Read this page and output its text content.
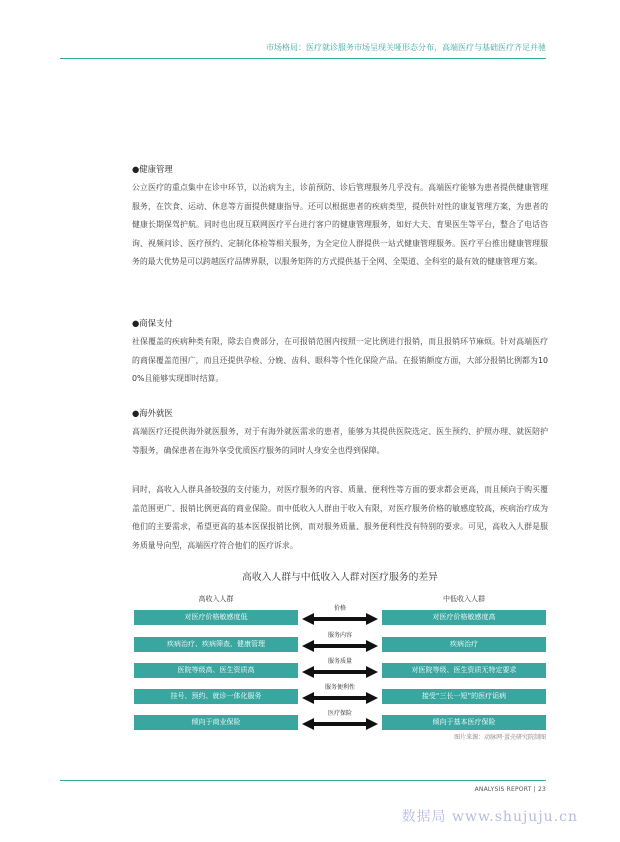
市场格局：医疗就诊服务市场呈现关哑形态分布，高端医疗与基础医疗齐足并驰

●健康管理

公立医疗的重点集中在诊中环节，以治病为主，诊前预防、诊后管理服务几乎没有。高端医疗能够为患者提供健康管理服务，在饮食、运动、休息等方面提供健康指导。还可以根据患者的疾病类型，提供针对性的康复管理方案，为患者的健康长期保驾护航。同时也出现互联网医疗平台进行客户的健康管理服务，如好大夫、育果医生等平台，整合了电话咨询、视频问诊、医疗预约、定制化体检等相关服务，为全定位人群提供一站式健康管理服务。医疗平台推出健康管理服务的最大优势是可以跨越医疗品牌界限，以服务矩阵的方式提供基于全网、全渠道、全科室的最有效的健康管理方案。

●商保支付

社保覆盖的疾病种类有限，除去自费部分，在可报销范围内按照一定比例进行报销，而且报销环节麻烦。针对高端医疗的商保覆盖范围广，而且还提供孕检、分娩、齿科、眼科等个性化保险产品。在报销额度方面，大部分报销比例都为100%且能够实现即时结算。

●海外就医

高端医疗还提供海外就医服务，对于有海外就医需求的患者，能够为其提供医院选定、医生预约、护照办理、就医陪护等服务，确保患者在海外享受优质医疗服务的同时人身安全也得到保障。

同时，高收入人群具备较强的支付能力，对医疗服务的内容、质量、便利性等方面的要求都会更高，而且倾向于购买覆盖范围更广、报销比例更高的商业保险。而中低收入人群由于收入有限，对医疗服务价格的敏感度较高，疾病治疗成为他们的主要需求，希望更高的基本医保报销比例，而对服务质量、服务便利性没有特别的要求。可见，高收入人群是服务质量导向型，高端医疗符合他们的医疗诉求。

高收入人群与中低收入人群对医疗服务的差异
高收入人群	中低收入人群
对医疗价格敏感度低
价格
对医疗价格敏感度高
疾病治疗、疾病筛查、健康管理
服务内容
疾病治疗
医院等级高、医生资质高
服务质量
对医院等级、医生资质无特定要求
挂号、预约、就诊一体化服务
服务便利性
接受“三长一短”的医疗诟病
倾向于商业保险
医疗保险
倾向于基本医疗保险
图片来源：动脉网·蛋壳研究院制图
ANALYSIS REPORT | 23
数据局 www.shujuju.cn
